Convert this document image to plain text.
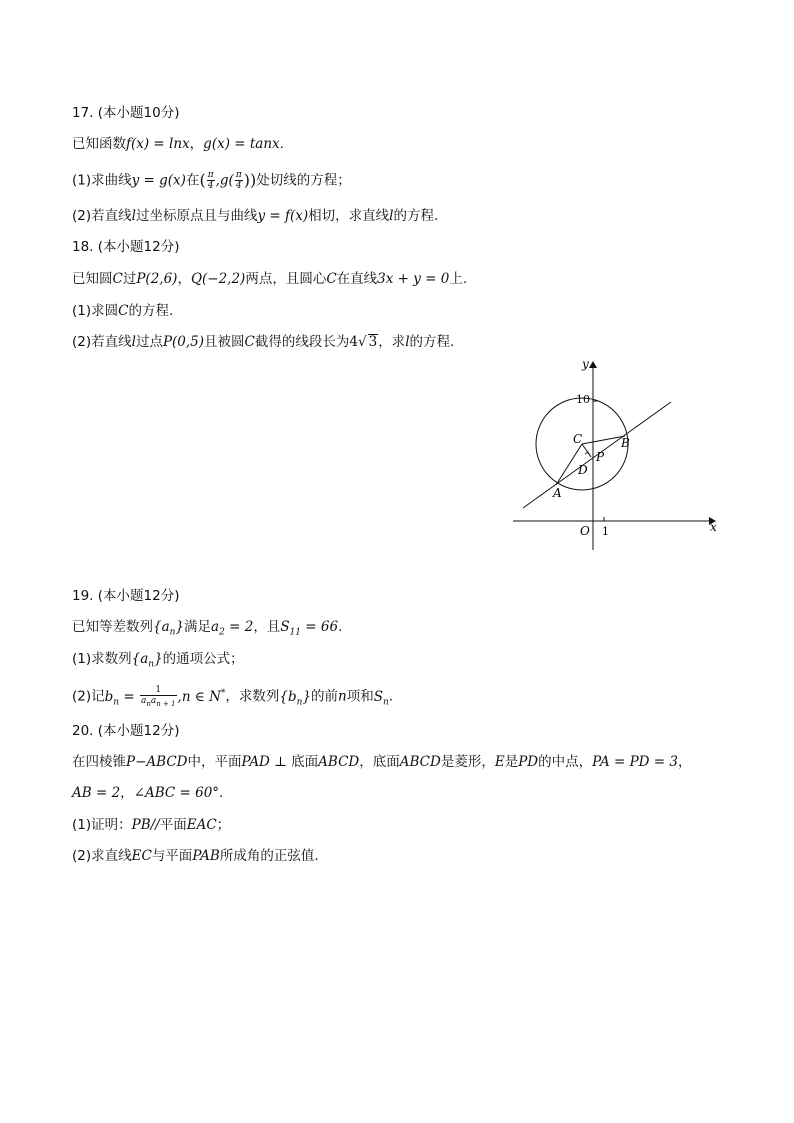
17. (本小题10分)
已知函数f(x) = lnx，g(x) = tanx.
(1)求曲线y = g(x)在( $\frac{\pi}{4} ,g( \frac{\pi}{4}$ ))处切线的方程；
(2)若直线l过坐标原点且与曲线y = f(x)相切，求直线l的方程.
18. (本小题12分)
已知圆C过P(2,6)，Q(−2,2)两点，且圆心C在直线3x + y = 0上.
(1)求圆C的方程.
(2)若直线l过点P(0,5)且被圆C截得的线段长为4√ 3，求l的方程.
x
y
O 1
10
C	B
P
D
A
19. (本小题12分)
已知等差数列$\{a_n\}$满足$a_2 = 2$，且$S_{11} = 66$.
(1)求数列$\{a_n\}$的通项公式；
(2)记$b_n = \frac{1}{a_na_{n + 1}} ,n$ ∈ N*，求数列$\{b_n\}$的前n项和$S_n$.
20. (本小题12分)
在四棱锥P−ABCD中，平面PAD ⊥ 底面ABCD，底面ABCD是菱形，E是PD的中点，PA = PD = 3，
AB = 2，∠ABC = 60°.
(1)证明：PB//平面EAC；
(2)求直线EC与平面PAB所成角的正弦值.
